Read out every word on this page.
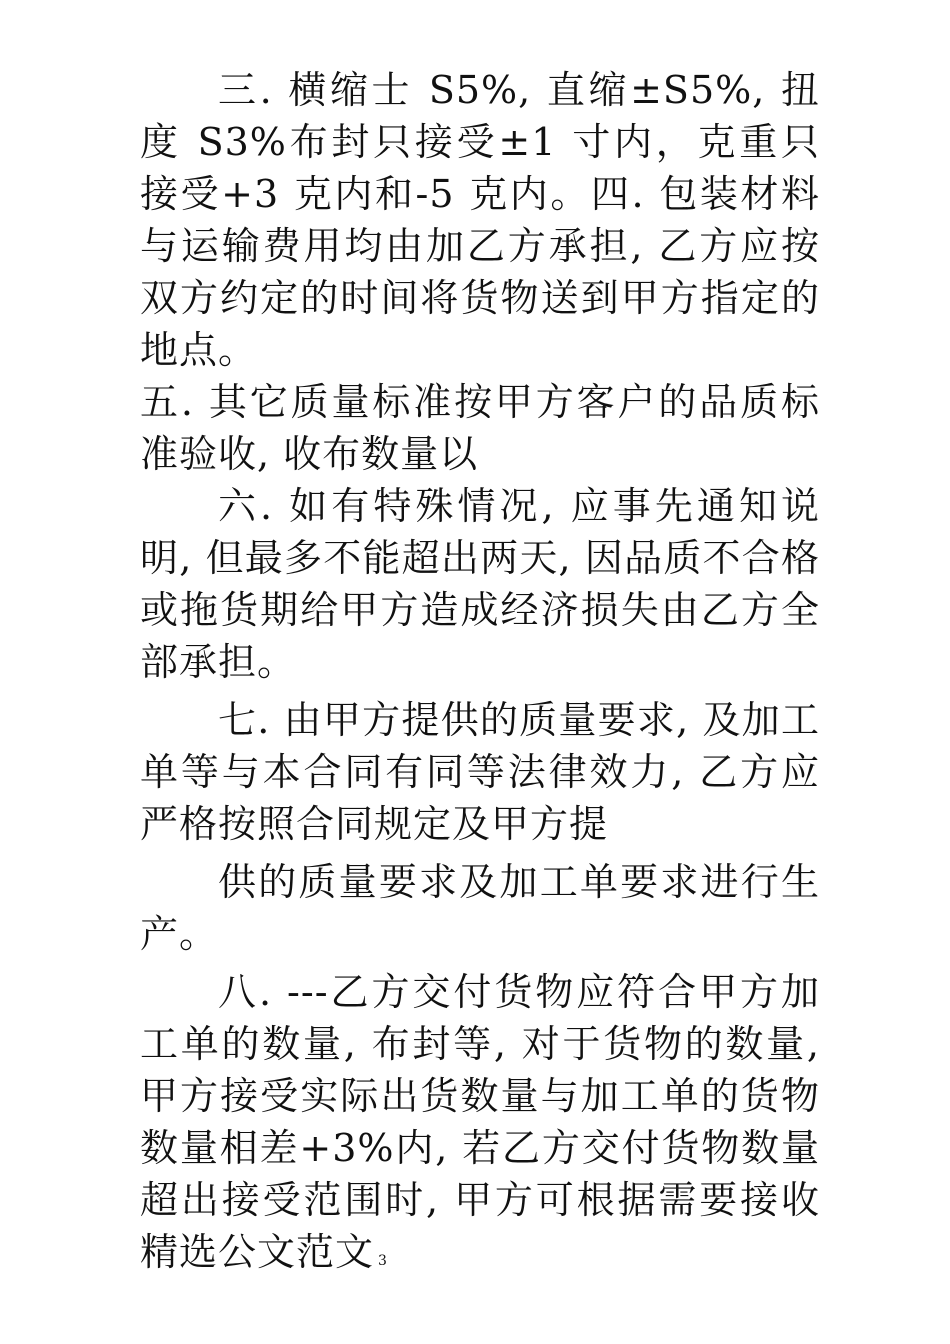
三. 横缩士 S5%, 直缩±S5%, 扭度 S3%布封只接受±1 寸内，克重只接受+3 克内和-5 克内。四. 包装材料与运输费用均由加乙方承担, 乙方应按双方约定的时间将货物送到甲方指定的地点。

五. 其它质量标准按甲方客户的品质标准验收, 收布数量以

六. 如有特殊情况, 应事先通知说明, 但最多不能超出两天, 因品质不合格或拖货期给甲方造成经济损失由乙方全部承担。

七. 由甲方提供的质量要求, 及加工单等与本合同有同等法律效力, 乙方应严格按照合同规定及甲方提

供的质量要求及加工单要求进行生产。

八. ---乙方交付货物应符合甲方加工单的数量, 布封等, 对于货物的数量, 甲方接受实际出货数量与加工单的货物数量相差+3%内, 若乙方交付货物数量超出接受范围时, 甲方可根据需要接收精选公文范文 3
